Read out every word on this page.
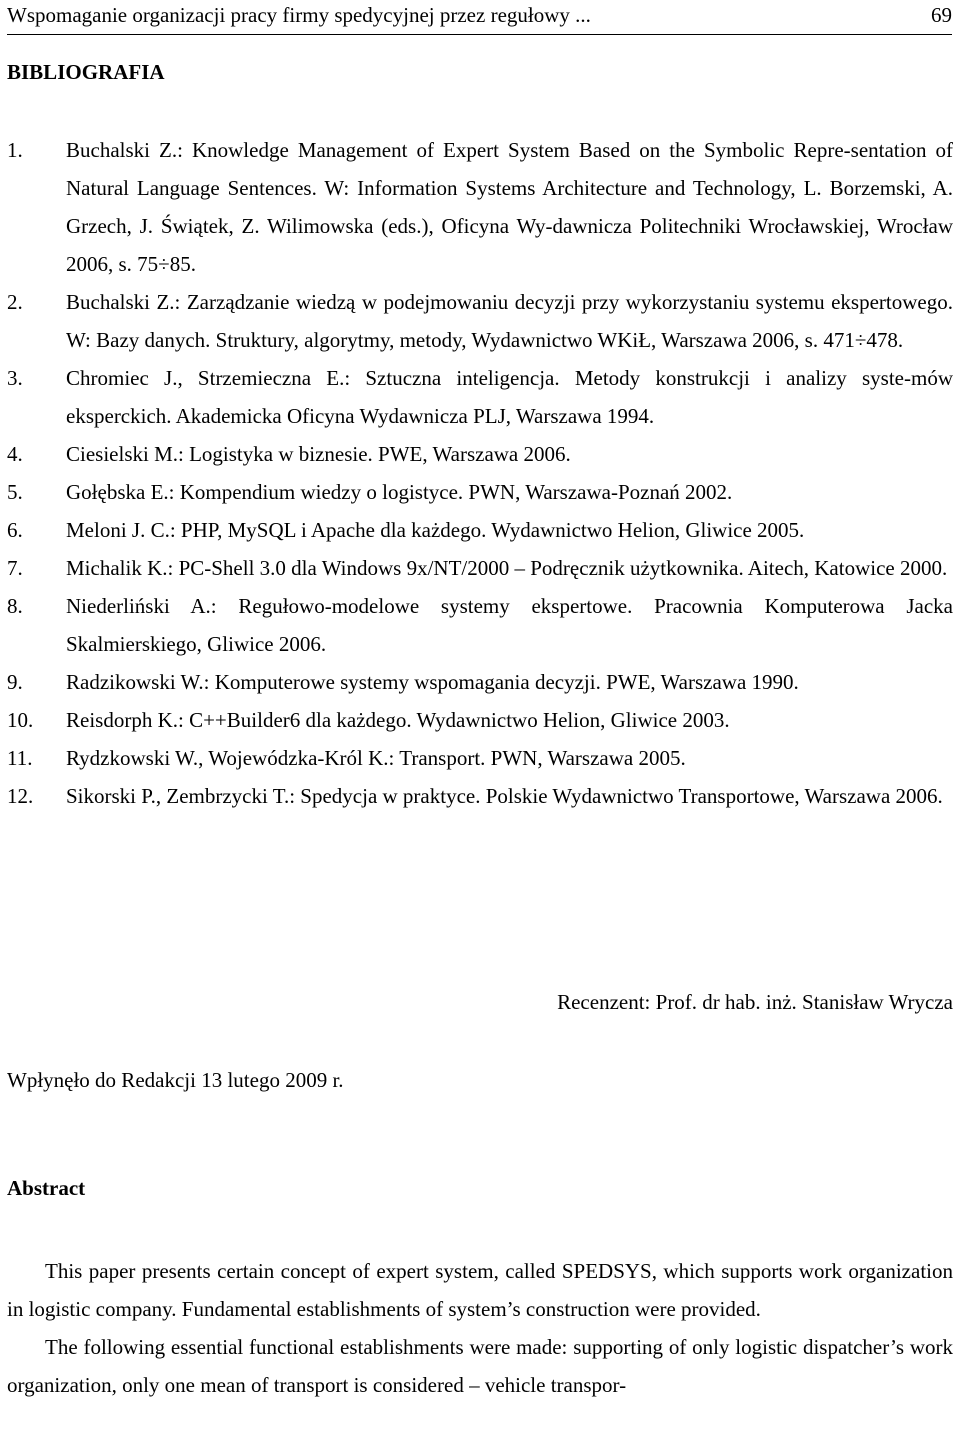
Wspomaganie organizacji pracy firmy spedycyjnej przez regułowy ...	69
BIBLIOGRAFIA
1.	Buchalski Z.: Knowledge Management of Expert System Based on the Symbolic Repre-sentation of Natural Language Sentences. W: Information Systems Architecture and Technology, L. Borzemski, A. Grzech, J. Świątek, Z. Wilimowska (eds.), Oficyna Wy-dawnicza Politechniki Wrocławskiej, Wrocław 2006, s. 75÷85.
2.	Buchalski Z.: Zarządzanie wiedzą w podejmowaniu decyzji przy wykorzystaniu systemu ekspertowego. W: Bazy danych. Struktury, algorytmy, metody, Wydawnictwo WKiŁ, Warszawa 2006, s. 471÷478.
3.	Chromiec J., Strzemieczna E.: Sztuczna inteligencja. Metody konstrukcji i analizy syste-mów eksperckich. Akademicka Oficyna Wydawnicza PLJ, Warszawa 1994.
4.	Ciesielski M.: Logistyka w biznesie. PWE, Warszawa 2006.
5.	Gołębska E.: Kompendium wiedzy o logistyce. PWN, Warszawa-Poznań 2002.
6.	Meloni J. C.: PHP, MySQL i Apache dla każdego. Wydawnictwo Helion, Gliwice 2005.
7.	Michalik K.: PC-Shell 3.0 dla Windows 9x/NT/2000 – Podręcznik użytkownika. Aitech, Katowice 2000.
8.	Niederliński A.: Regułowo-modelowe systemy ekspertowe. Pracownia Komputerowa Jacka Skalmierskiego, Gliwice 2006.
9.	Radzikowski W.: Komputerowe systemy wspomagania decyzji. PWE, Warszawa 1990.
10.	Reisdorph K.: C++Builder6 dla każdego. Wydawnictwo Helion, Gliwice 2003.
11.	Rydzkowski W., Wojewódzka-Król K.: Transport. PWN, Warszawa 2005.
12.	Sikorski P., Zembrzycki T.: Spedycja w praktyce. Polskie Wydawnictwo Transportowe, Warszawa 2006.
Recenzent: Prof. dr hab. inż. Stanisław Wrycza
Wpłynęło do Redakcji 13 lutego 2009 r.
Abstract

This paper presents certain concept of expert system, called SPEDSYS, which supports work organization in logistic company. Fundamental establishments of system’s construction were provided.

The following essential functional establishments were made: supporting of only logistic dispatcher’s work organization, only one mean of transport is considered – vehicle transpor-
